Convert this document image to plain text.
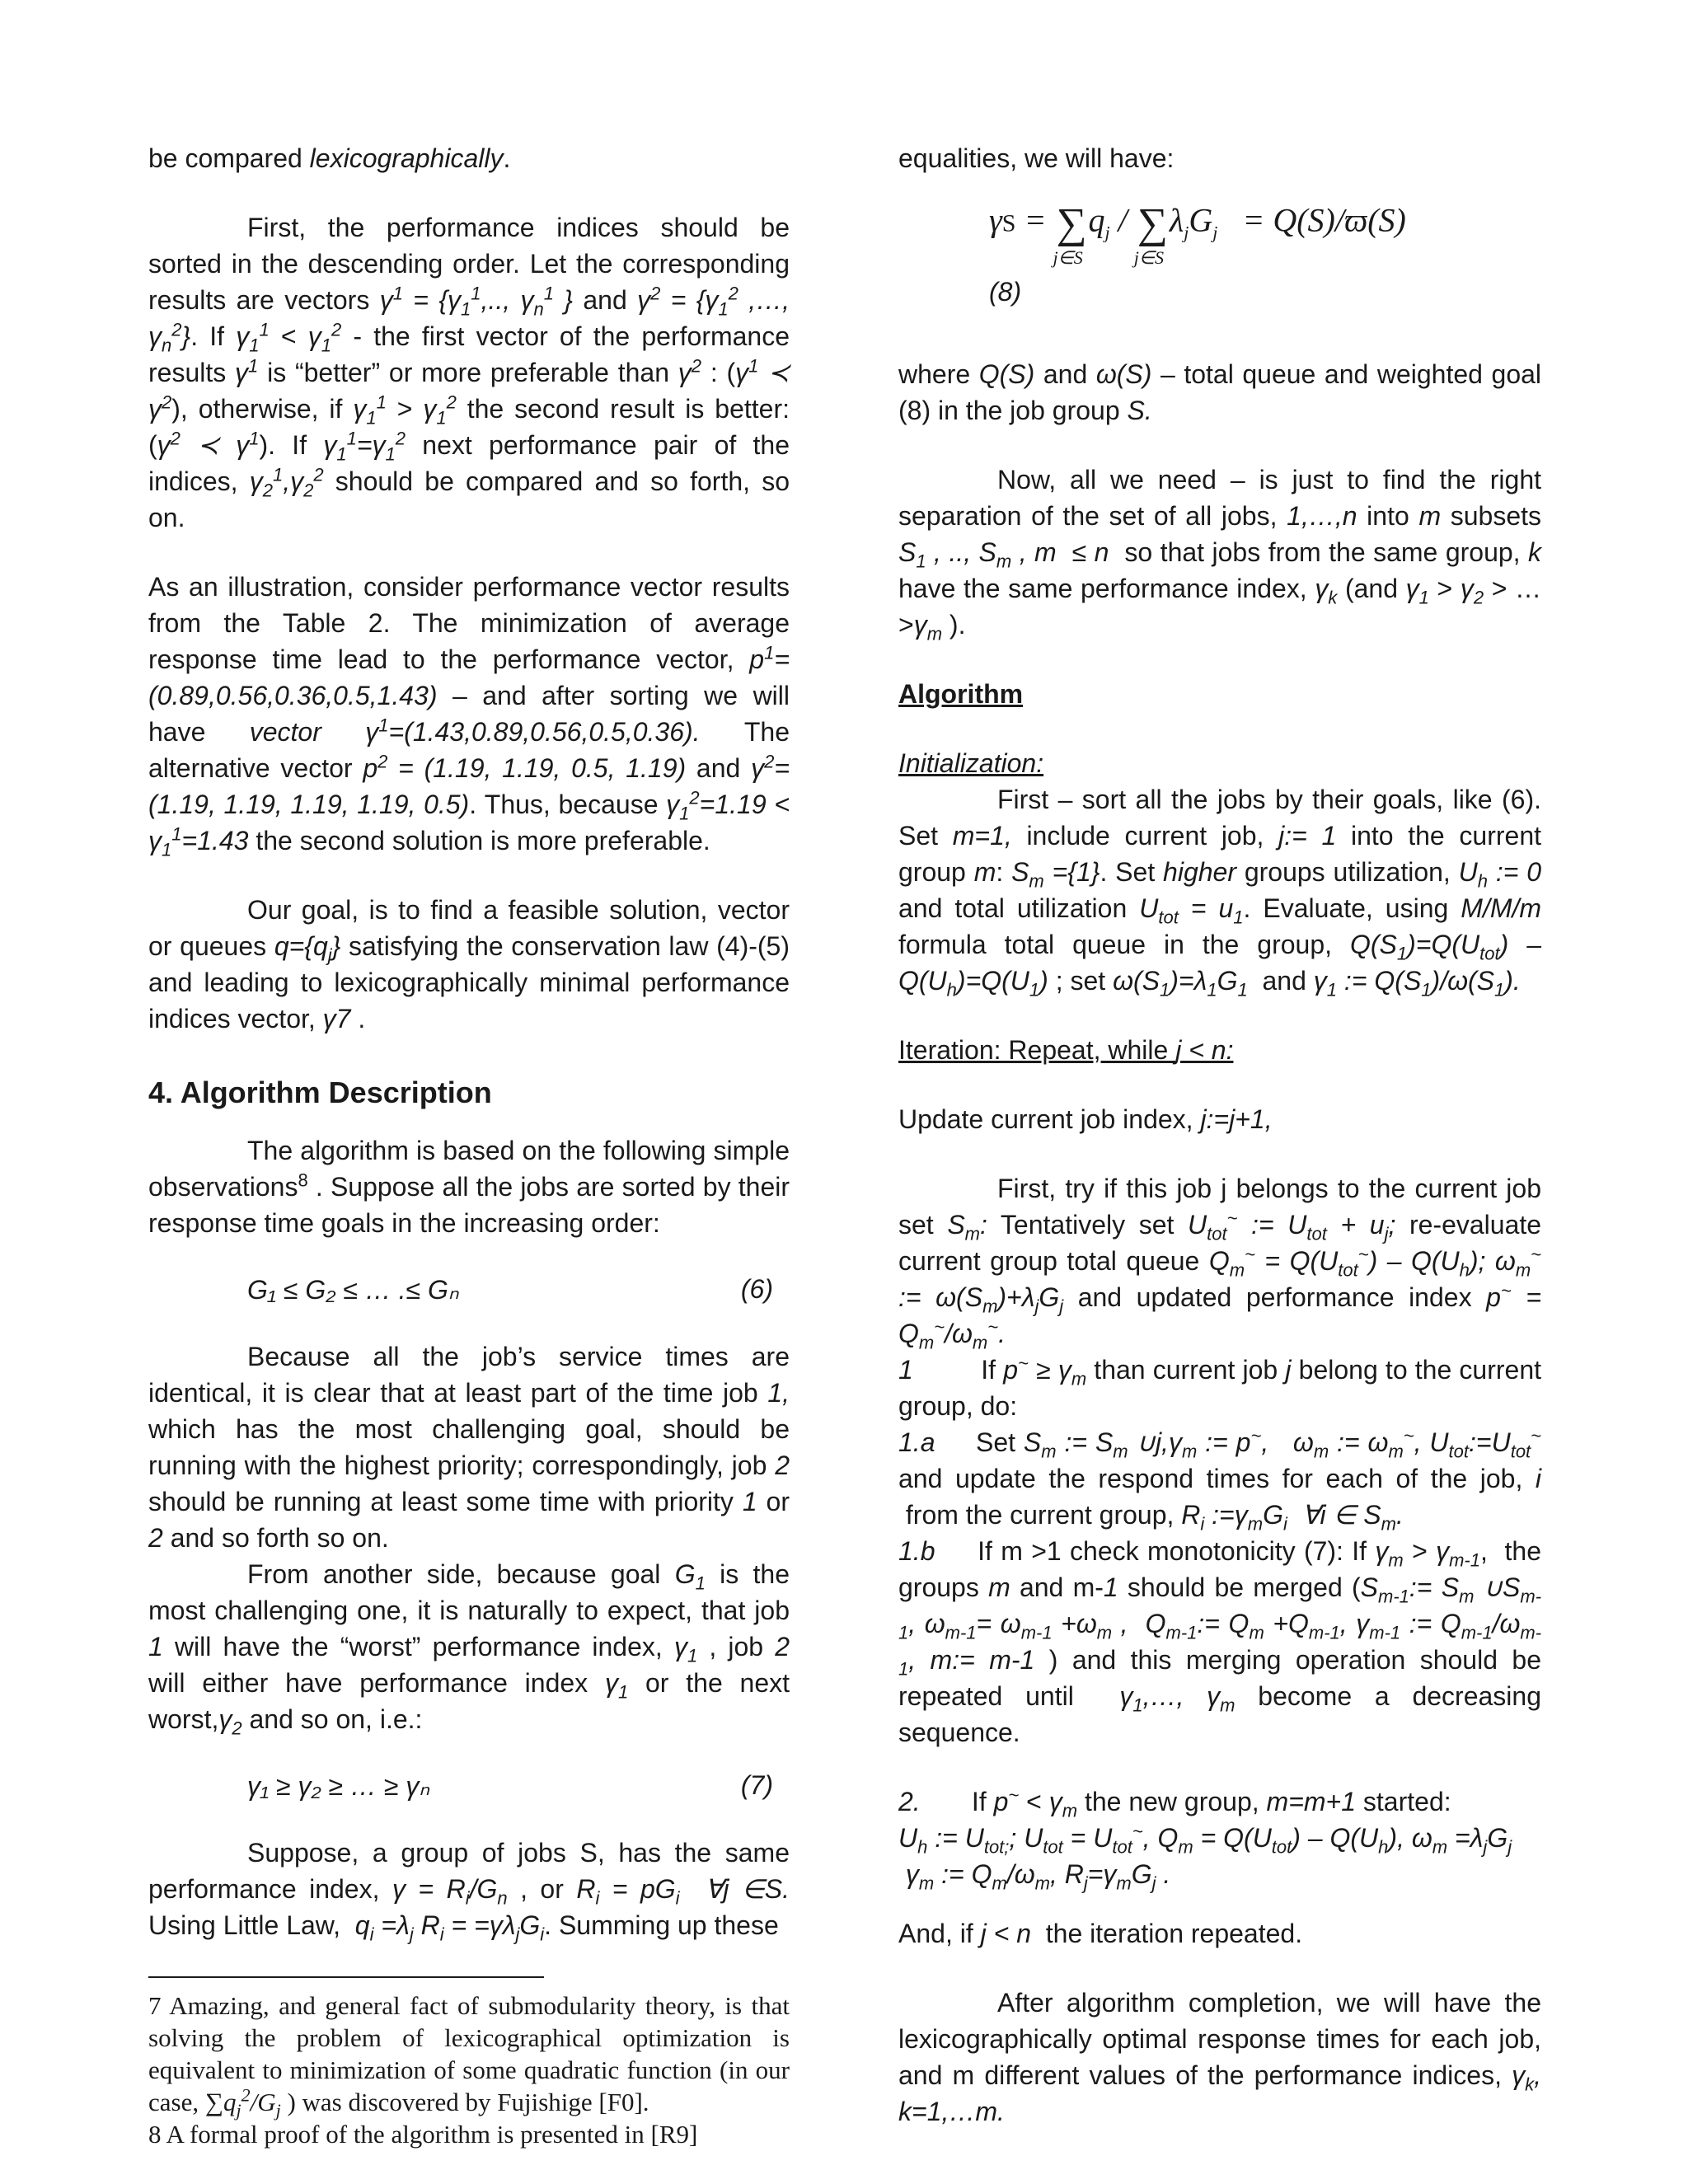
be compared lexicographically.

First, the performance indices should be sorted in the descending order. Let the corresponding results are vectors $\gamma^1 = \{\gamma_1^1$,.., $\gamma_n^1$ } and $\gamma^2 = \{\gamma_1^2$ ,…, $\gamma_n^2$}. If $\gamma_1^1 < \gamma_1^2$ - the first vector of the performance results $\gamma^1$ is “better” or more preferable than $\gamma^2$ : ($\gamma^1$ ≺ $\gamma^2$), otherwise, if $\gamma_1^1 > \gamma_1^2$ the second result is better: ($\gamma^2$ ≺ $\gamma^1$). If $\gamma_1^1=\gamma_1^2$ next performance pair of the indices, $\gamma_2^1,\gamma_2^2$ should be compared and so forth, so on.

As an illustration, consider performance vector results from the Table 2. The minimization of average response time lead to the performance vector, $p^1=(0.89,0.56,0.36,0.5,1.43)$ – and after sorting we will have vector $\gamma^1=(1.43,0.89,0.56,0.5,0.36)$. The alternative vector $p^2 = (1.19$, 1.19, 0.5, 1.19) and $\gamma^2=(1.19$, 1.19, 1.19, 1.19, 0.5). Thus, because $\gamma_1^2=1.19 < \gamma_1^1=1.43$ the second solution is more preferable.

Our goal, is to find a feasible solution, vector or queues $q=\{q_j\}$ satisfying the conservation law (4)-(5) and leading to lexicographically minimal performance indices vector, γ7 .

4. Algorithm Description

The algorithm is based on the following simple observations$^8$ . Suppose all the jobs are sorted by their response time goals in the increasing order:

G₁ ≤ G₂ ≤ … .≤ Gₙ	(6)

Because all the job’s service times are identical, it is clear that at least part of the time job 1, which has the most challenging goal, should be running with the highest priority; correspondingly, job 2 should be running at least some time with priority 1 or 2 and so forth so on.

From another side, because goal $G_1$ is the most challenging one, it is naturally to expect, that job 1 will have the “worst” performance index, $\gamma_1$ , job 2 will either have performance index $\gamma_1$ or the next $worst,\gamma_2$ and so on, i.e.:

γ₁ ≥ γ₂ ≥ … ≥ γₙ	(7)

Suppose, a group of jobs S, has the same performance index, $\gamma = R_i/G_n$ , or $R_i = pG_i$ ∀j ∈S. Using Little Law,  $q_i =\lambda_j$ $R_i = =\gamma\lambda_jG_i$. Summing up these

7 Amazing, and general fact of submodularity theory, is that solving the problem of lexicographical optimization is equivalent to minimization of some quadratic function (in our case, $\sum q_j^2/G_j$ ) was discovered by Fujishige [F0].

8 A formal proof of the algorithm is presented in [R9]

equalities, we will have:

γS = ∑
j∈S
$q_j$ / ∑
j∈S
$\lambda_jG_j = Q(S)/ϖ(S)$
(8)

where Q(S) and ω(S) – total queue and weighted goal (8) in the job group S.

Now, all we need – is just to find the right separation of the set of all jobs, 1,…,n into m subsets $S_1$ , .., $S_m$ , m  ≤ n  so that jobs from the same group, k have the same performance index, $\gamma_k$ (and $\gamma_1 > \gamma_2$ > … $>\gamma_m$ ).

Algorithm

Initialization:

First – sort all the jobs by their goals, like (6). Set m=1, include current job, j:= 1 into the current group m: $S_m =\{1\}$. Set higher groups utilization, $U_h$ := 0 and total utilization $U_{tot} = u_1$. Evaluate, using M/M/m formula total queue in the group, $Q(S_1)=Q(U_{tot}) - Q(U_h)=Q(U_1)$ ; set $\omega(S_1)=\lambda_1G_1$  and $\gamma_1$ := $Q(S_1)/\omega(S_1)$.

Iteration: Repeat, while j < n:

Update current job index, j:=j+1,

First, try if this job j belongs to the current job set $S_m$: Tentatively set $U_{tot}^\sim$ := $U_{tot} + u_j$; re-evaluate current group total queue $Q_m^\sim = Q(U_{tot}^\sim) - Q(U_h)$; $\omega_m^\sim$ := $\omega(S_m)+\lambda_jG_j$ and updated performance index $p^\sim = Q_m^\sim/\omega_m^\sim$.

1         If $p^\sim \ge \gamma_m$ than current job j belong to the current group, do:

1.a     Set $S_m$ := $S_m$ $\cup j,\gamma_m$ := p~, $\omega_m$ := $\omega_m^\sim$, $U_{tot}:=U_{tot}^\sim$ and update the respond times for each of the job, i  from the current group, $R_i$ $:=\gamma_mG_i$ ∀i ∈ $S_m$.

1.b     If m >1 check monotonicity (7): If $\gamma_m > \gamma_{m-1}$,  the groups m and m-1 should be merged ($S_{m-1}:= S_m$ $\cup S_{m-1}$, $\omega_{m-1}= \omega_{m-1} +\omega_m$ ,  $Q_{m-1}:= Q_m +Q_{m-1}$, $\gamma_{m-1}$ := $Q_{m-1}/\omega_{m-1}$, m:= m-1 ) and this merging operation should be repeated until  $\gamma_1,\dots$, $\gamma_m$ become a decreasing sequence.

2.       If $p^\sim < \gamma_m$ the new group, m=m+1 started:
$U_h$ := $U_{tot;}$; $U_{tot} = U_{tot}^\sim$, $Q_m = Q(U_{tot}) - Q(U_h)$, $\omega_m =\lambda_jG_j$
$\gamma_m$ := $Q_m/\omega_m$, $R_j=\gamma_mG_j$ .

And, if j < n  the iteration repeated.

After algorithm completion, we will have the lexicographically optimal response times for each job, and m different values of the performance indices, $\gamma_k$, k=1,…m.
